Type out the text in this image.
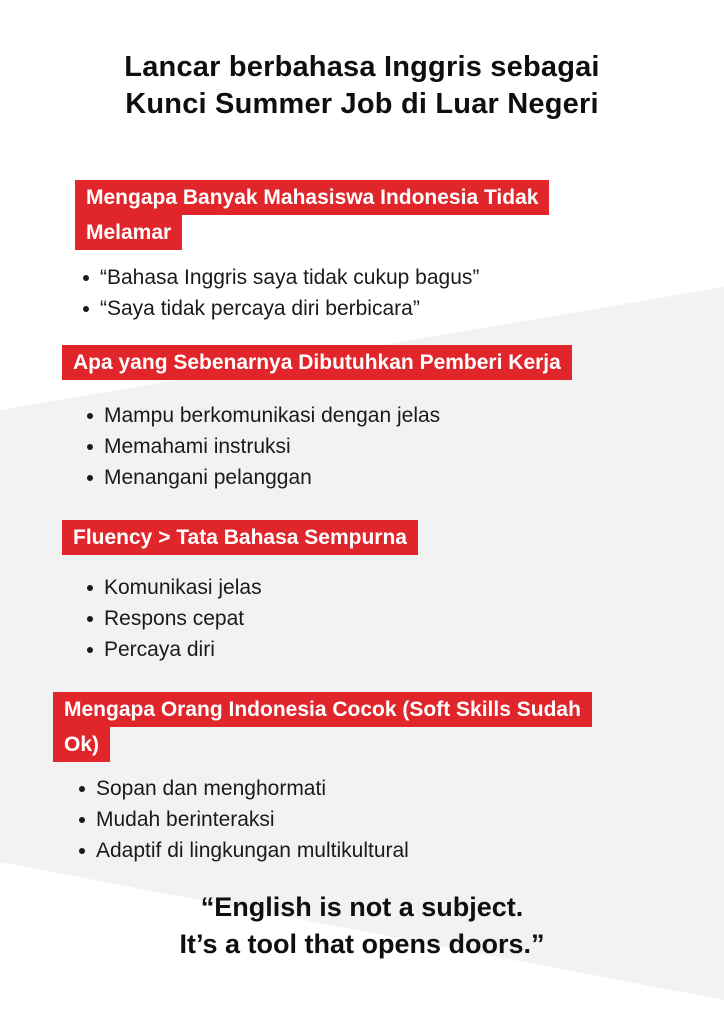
Lancar berbahasa Inggris sebagai
Kunci Summer Job di Luar Negeri
Mengapa Banyak Mahasiswa Indonesia Tidak
Melamar
“Bahasa Inggris saya tidak cukup bagus”
“Saya tidak percaya diri berbicara”
Apa yang Sebenarnya Dibutuhkan Pemberi Kerja
Mampu berkomunikasi dengan jelas
Memahami instruksi
Menangani pelanggan
Fluency > Tata Bahasa Sempurna
Komunikasi jelas
Respons cepat
Percaya diri
Mengapa Orang Indonesia Cocok (Soft Skills Sudah
Ok)
Sopan dan menghormati
Mudah berinteraksi
Adaptif di lingkungan multikultural
“English is not a subject.
It’s a tool that opens doors.”
